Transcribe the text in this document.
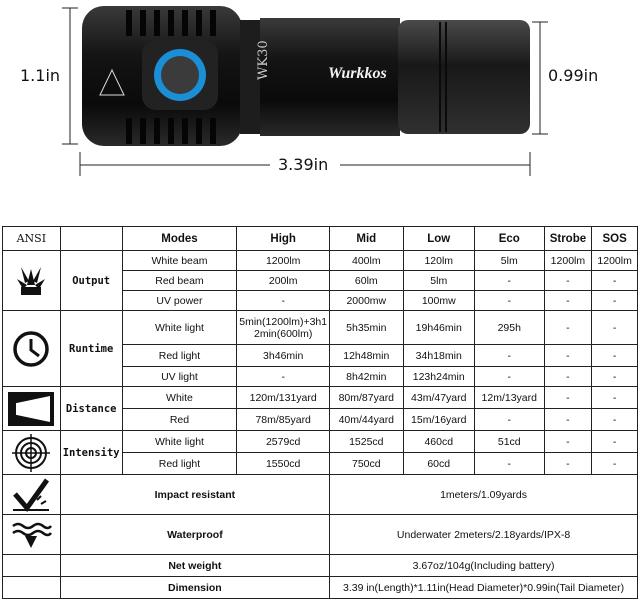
WK30	Wurkkos
1.1in	0.99in
3.39in
ANSI		Modes	High	Mid	Low	Eco	Strobe	SOS

	Output	White beam	1200lm	400lm	120lm	5lm	1200lm	1200lm
		Red beam	200lm	60lm	5lm	-	-	-
		UV power	-	2000mw	100mw	-	-	-

	Runtime	White light	5min(1200lm)+3h1
2min(600lm)	5h35min	19h46min	295h	-	-
		Red light	3h46min	12h48min	34h18min	-	-	-
		UV light	-	8h42min	123h24min	-	-	-

	Distance	White	120m/131yard	80m/87yard	43m/47yard	12m/13yard	-	-
		Red	78m/85yard	40m/44yard	15m/16yard	-	-	-

	Intensity	White light	2579cd	1525cd	460cd	51cd	-	-
		Red light	1550cd	750cd	60cd	-	-	-

	Impact resistant			1meters/1.09yards				

	Waterproof			Underwater 2meters/2.18yards/IPX-8				
	Net weight			3.67oz/104g(Including battery)				
	Dimension			3.39 in(Length)*1.11in(Head Diameter)*0.99in(Tail Diameter)				
